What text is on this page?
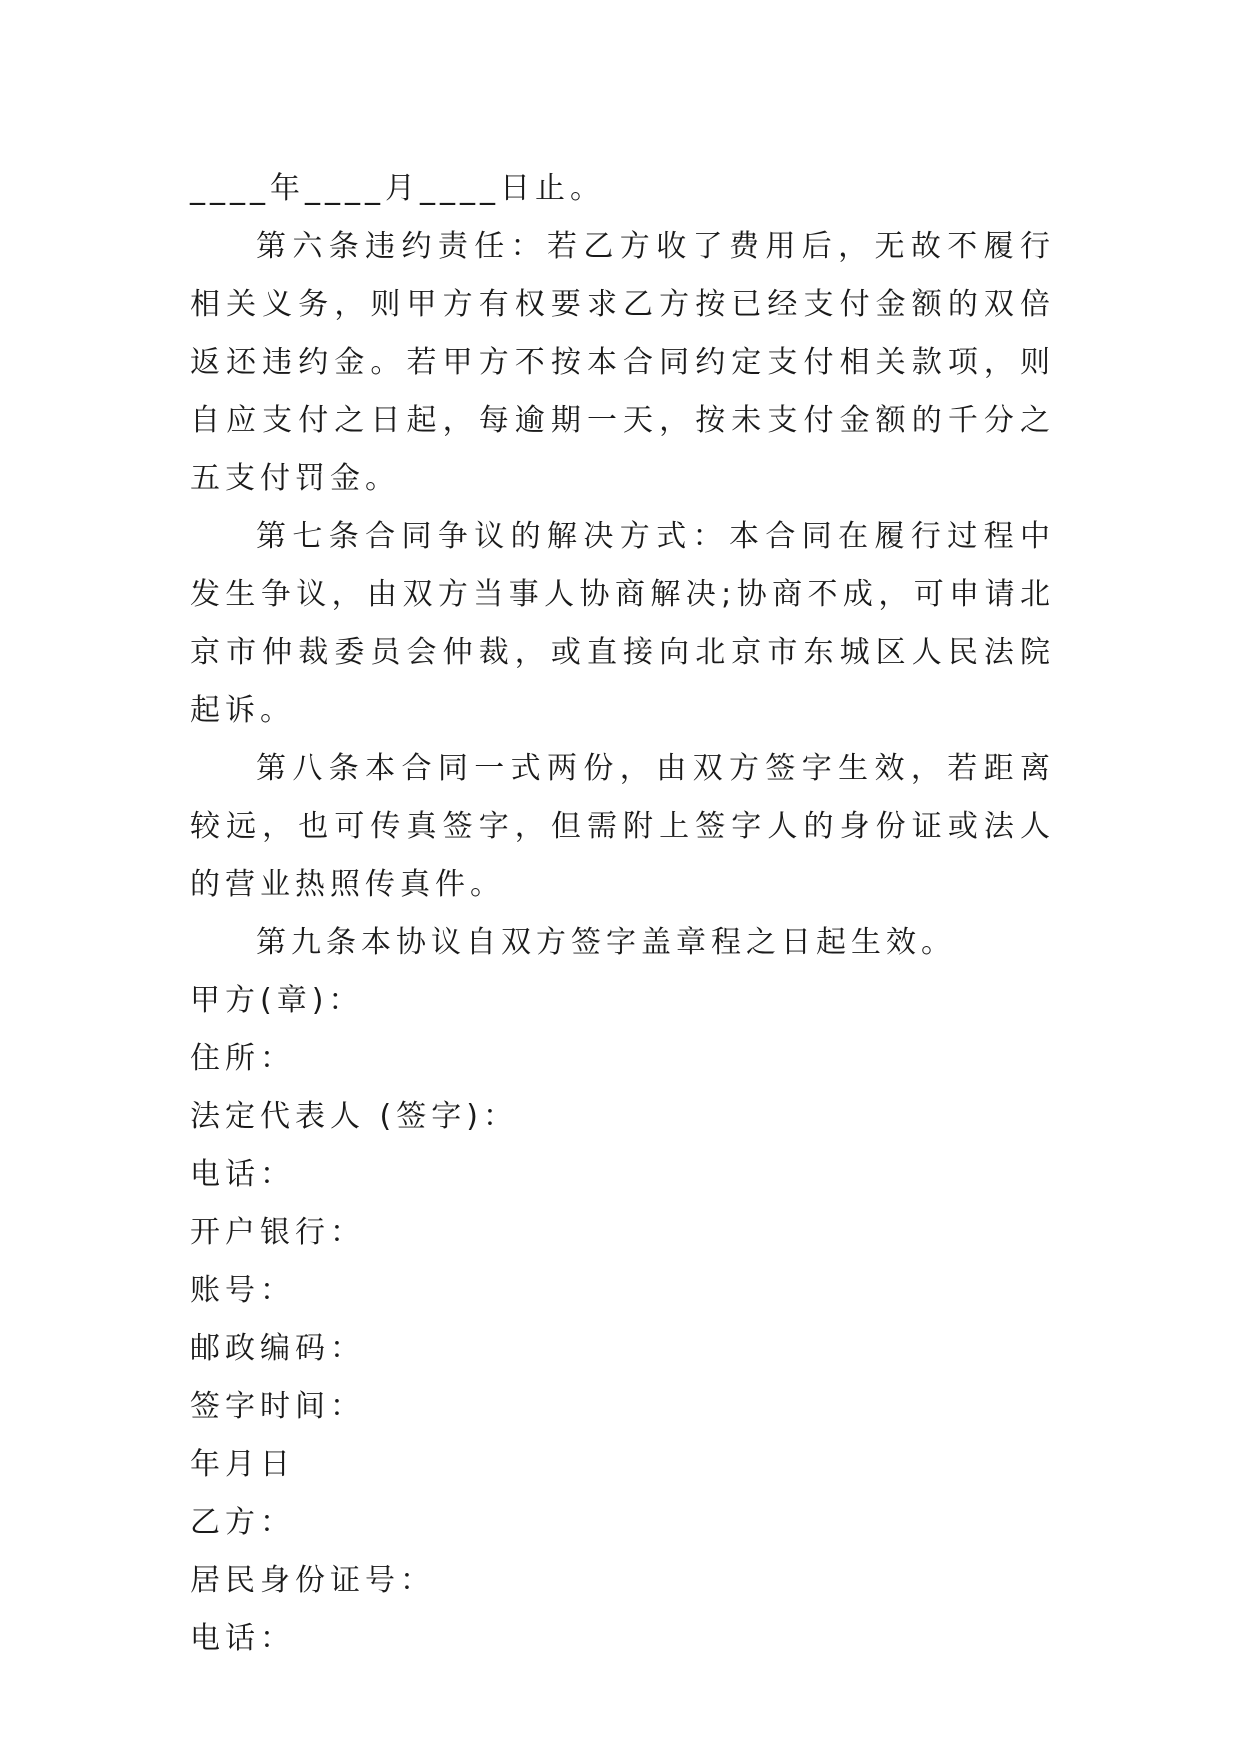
____年____月____日止。

第六条违约责任：若乙方收了费用后，无故不履行相关义务，则甲方有权要求乙方按已经支付金额的双倍返还违约金。若甲方不按本合同约定支付相关款项，则自应支付之日起，每逾期一天，按未支付金额的千分之五支付罚金。

第七条合同争议的解决方式：本合同在履行过程中发生争议，由双方当事人协商解决;协商不成，可申请北京市仲裁委员会仲裁，或直接向北京市东城区人民法院起诉。

第八条本合同一式两份，由双方签字生效，若距离较远，也可传真签字，但需附上签字人的身份证或法人的营业热照传真件。

第九条本协议自双方签字盖章程之日起生效。

甲方(章)：

住所：

法定代表人 (签字)：

电话：

开户银行：

账号：

邮政编码：

签字时间：

年月日

乙方：

居民身份证号：

电话：
